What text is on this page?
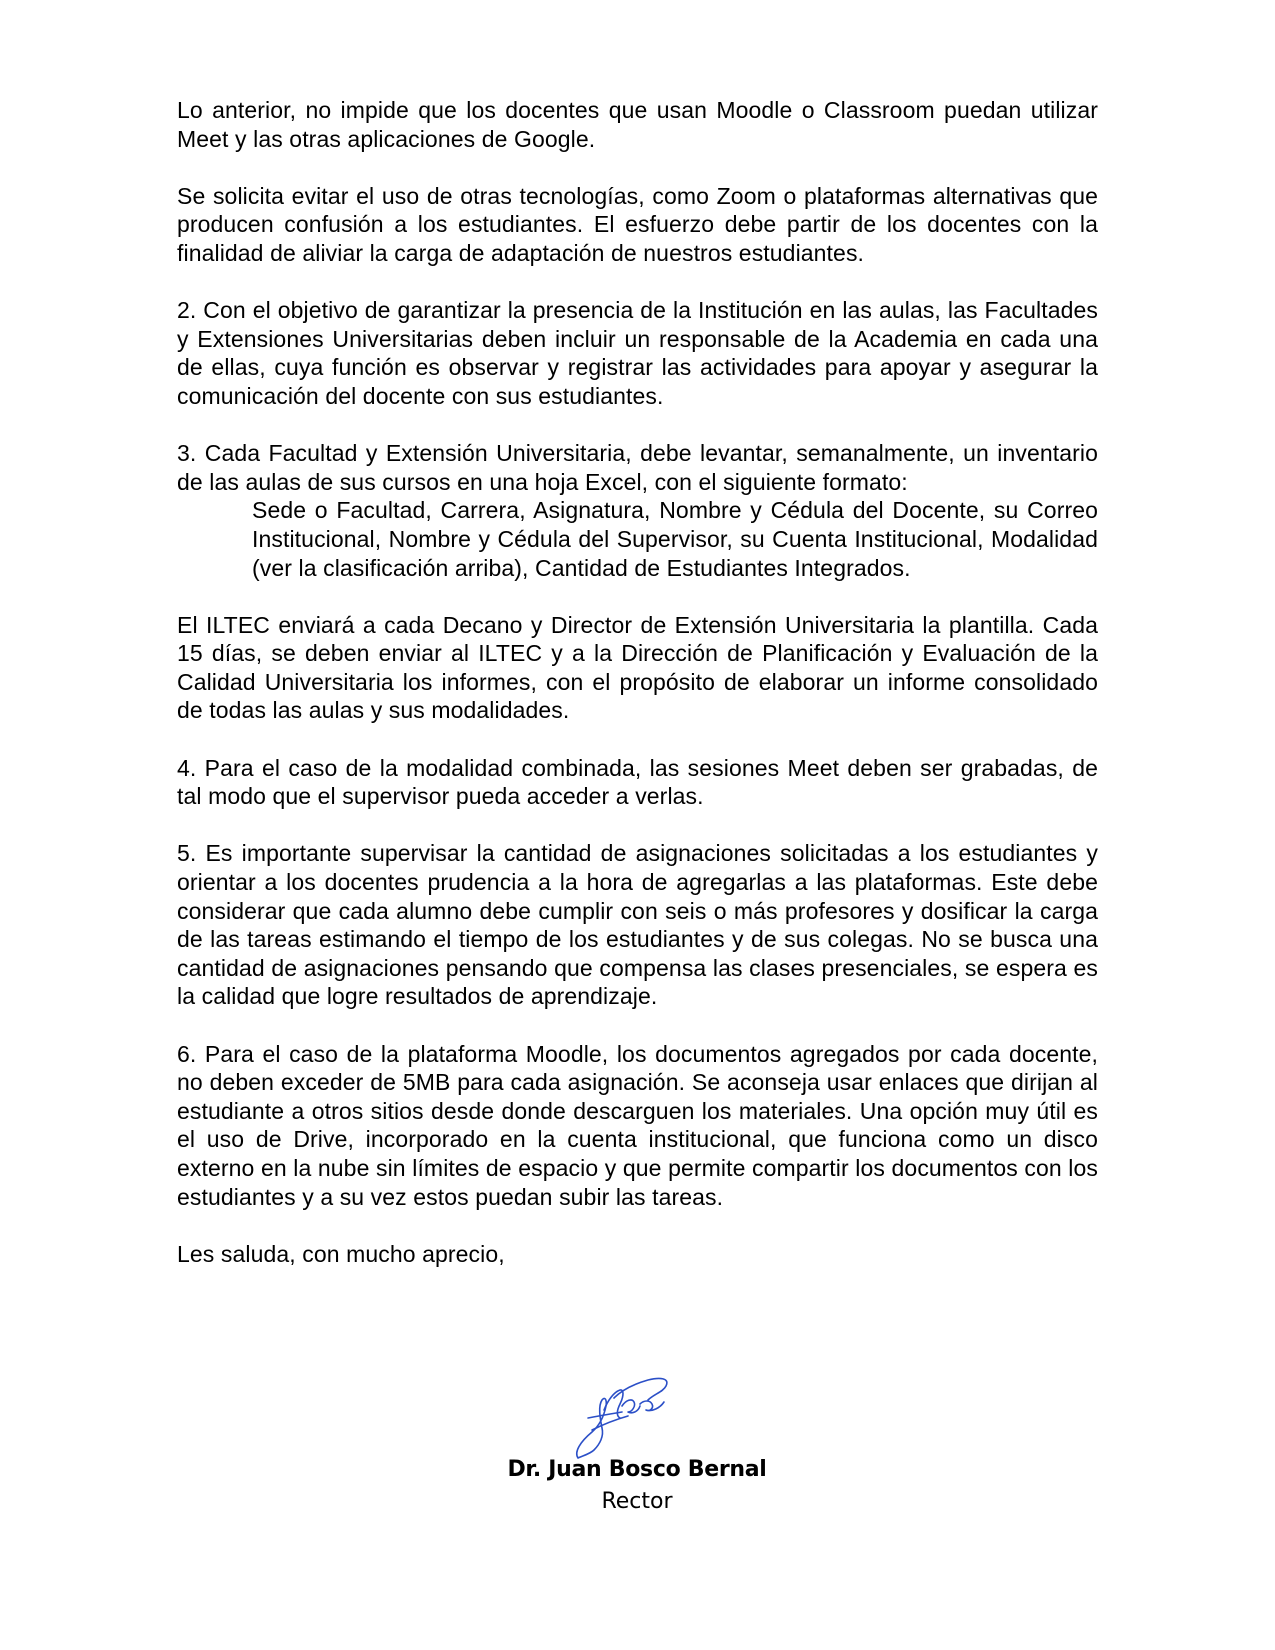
Lo anterior, no impide que los docentes que usan Moodle o Classroom puedan utilizar Meet y las otras aplicaciones de Google.

Se solicita evitar el uso de otras tecnologías, como Zoom o plataformas alternativas que producen confusión a los estudiantes. El esfuerzo debe partir de los docentes con la finalidad de aliviar la carga de adaptación de nuestros estudiantes.

2. Con el objetivo de garantizar la presencia de la Institución en las aulas, las Facultades y Extensiones Universitarias deben incluir un responsable de la Academia en cada una de ellas, cuya función es observar y registrar las actividades para apoyar y asegurar la comunicación del docente con sus estudiantes.

3. Cada Facultad y Extensión Universitaria, debe levantar, semanalmente, un inventario de las aulas de sus cursos en una hoja Excel, con el siguiente formato:

Sede o Facultad, Carrera, Asignatura, Nombre y Cédula del Docente, su Correo Institucional, Nombre y Cédula del Supervisor, su Cuenta Institucional, Modalidad (ver la clasificación arriba), Cantidad de Estudiantes Integrados.

El ILTEC enviará a cada Decano y Director de Extensión Universitaria la plantilla. Cada 15 días, se deben enviar al ILTEC y a la Dirección de Planificación y Evaluación de la Calidad Universitaria los informes, con el propósito de elaborar un informe consolidado de todas las aulas y sus modalidades.

4. Para el caso de la modalidad combinada, las sesiones Meet deben ser grabadas, de tal modo que el supervisor pueda acceder a verlas.

5. Es importante supervisar la cantidad de asignaciones solicitadas a los estudiantes y orientar a los docentes prudencia a la hora de agregarlas a las plataformas. Este debe considerar que cada alumno debe cumplir con seis o más profesores y dosificar la carga de las tareas estimando el tiempo de los estudiantes y de sus colegas. No se busca una cantidad de asignaciones pensando que compensa las clases presenciales, se espera es la calidad que logre resultados de aprendizaje.

6. Para el caso de la plataforma Moodle, los documentos agregados por cada docente, no deben exceder de 5MB para cada asignación. Se aconseja usar enlaces que dirijan al estudiante a otros sitios desde donde descarguen los materiales. Una opción muy útil es el uso de Drive, incorporado en la cuenta institucional, que funciona como un disco externo en la nube sin límites de espacio y que permite compartir los documentos con los estudiantes y a su vez estos puedan subir las tareas.

Les saluda, con mucho aprecio,

Dr. Juan Bosco Bernal
Rector
